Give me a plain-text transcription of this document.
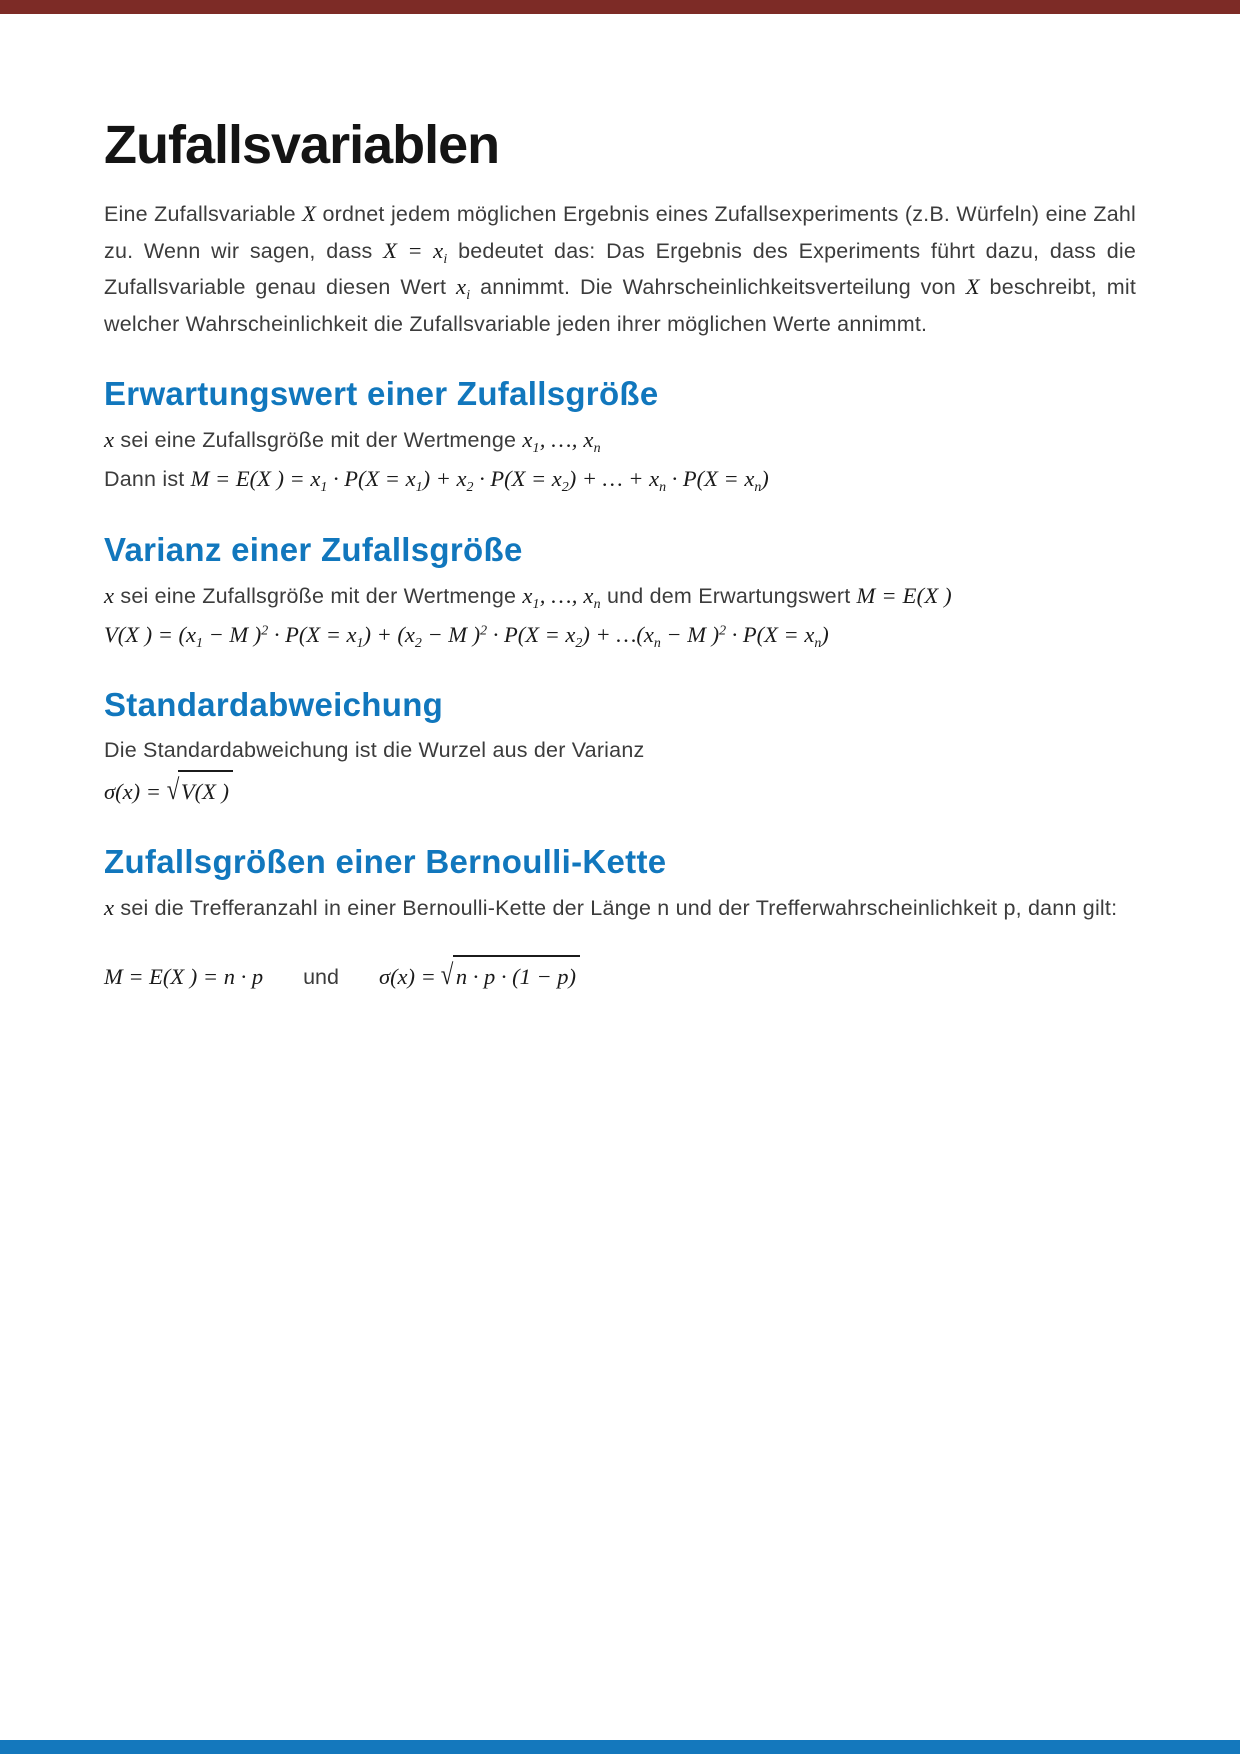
Zufallsvariablen

Eine Zufallsvariable X ordnet jedem möglichen Ergebnis eines Zufallsexperiments (z.B. Würfeln) eine Zahl zu. Wenn wir sagen, dass $X = x_i$ bedeutet das: Das Ergebnis des Experiments führt dazu, dass die Zufallsvariable genau diesen Wert $x_i$ annimmt. Die Wahrscheinlichkeitsverteilung von X beschreibt, mit welcher Wahrscheinlichkeit die Zufallsvariable jeden ihrer möglichen Werte annimmt.

Erwartungswert einer Zufallsgröße

x sei eine Zufallsgröße mit der Wertmenge $x_1$, …, $x_n$

Dann ist M = E(X ) = $x_1 \cdot P(X = x_1) + x_2 \cdot P(X = x_2)$ + … + $x_n \cdot P(X = x_n)$

Varianz einer Zufallsgröße

x sei eine Zufallsgröße mit der Wertmenge $x_1$, …, $x_n$ und dem Erwartungswert M = E(X )

V(X ) = ($x_1 - M$ )$^2 \cdot P(X = x_1) + (x_2 - M$ )$^2 \cdot P(X = x_2)$ + $\dots(x_n - M$ )$^2 \cdot P(X = x_n)$

Standardabweichung

Die Standardabweichung ist die Wurzel aus der Varianz

σ(x) = √V(X )

Zufallsgrößen einer Bernoulli-Kette

x sei die Trefferanzahl in einer Bernoulli-Kette der Länge n und der Trefferwahrscheinlichkeit p, dann gilt:

M = E(X ) = n · p und σ(x) = √n · p · (1 − p)
